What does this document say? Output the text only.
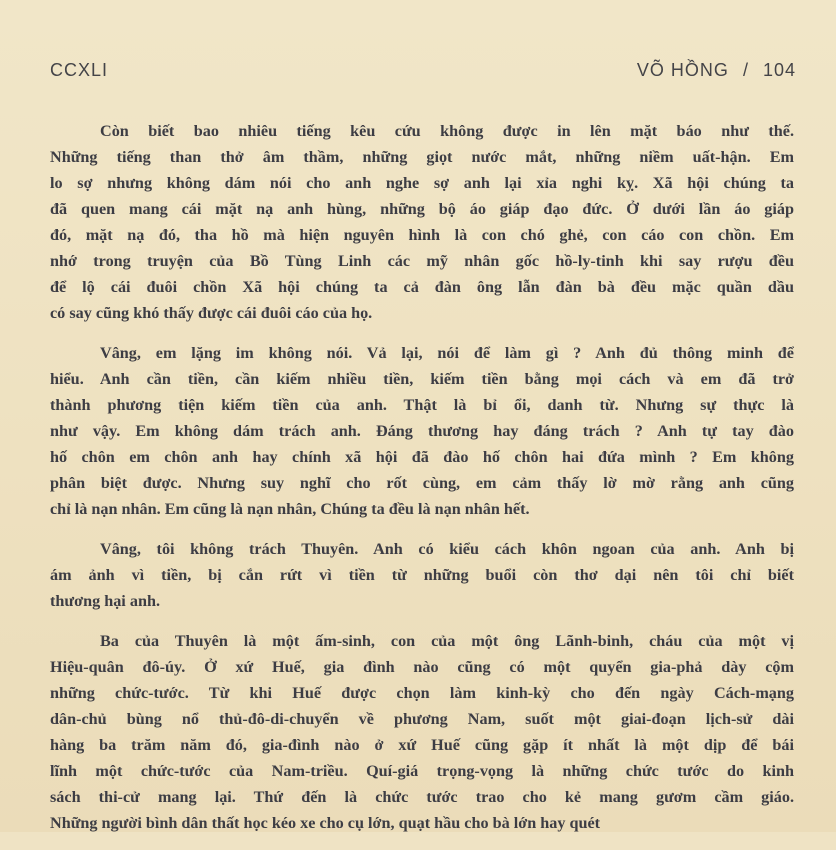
CCXLI	VÕ HỒNG / 104
Còn biết bao nhiêu tiếng kêu cứu không được in lên mặt báo như thế.
Những tiếng than thở âm thầm, những giọt nước mắt, những niềm uất-hận. Em
lo sợ nhưng không dám nói cho anh nghe sợ anh lại xỉa nghi kỵ. Xã hội chúng ta
đã quen mang cái mặt nạ anh hùng, những bộ áo giáp đạo đức. Ở dưới lần áo giáp
đó, mặt nạ đó, tha hồ mà hiện nguyên hình là con chó ghẻ, con cáo con chồn. Em
nhớ trong truyện của Bồ Tùng Linh các mỹ nhân gốc hồ-ly-tinh khi say rượu đều
để lộ cái đuôi chồn Xã hội chúng ta cả đàn ông lẫn đàn bà đều mặc quần dầu
có say cũng khó thấy được cái đuôi cáo của họ.
Vâng, em lặng im không nói. Vả lại, nói để làm gì ? Anh đủ thông minh để
hiểu. Anh cần tiền, cần kiếm nhiều tiền, kiếm tiền bằng mọi cách và em đã trở
thành phương tiện kiếm tiền của anh. Thật là bỉ ổi, danh từ. Nhưng sự thực là
như vậy. Em không dám trách anh. Đáng thương hay đáng trách ? Anh tự tay đào
hố chôn em chôn anh hay chính xã hội đã đào hố chôn hai đứa mình ? Em không
phân biệt được. Nhưng suy nghĩ cho rốt cùng, em cảm thấy lờ mờ rằng anh cũng
chỉ là nạn nhân. Em cũng là nạn nhân, Chúng ta đều là nạn nhân hết.
Vâng, tôi không trách Thuyên. Anh có kiểu cách khôn ngoan của anh. Anh bị
ám ảnh vì tiền, bị cắn rứt vì tiền từ những buổi còn thơ dại nên tôi chỉ biết
thương hại anh.
Ba của Thuyên là một ấm-sinh, con của một ông Lãnh-binh, cháu của một vị
Hiệu-quân đô-úy. Ở xứ Huế, gia đình nào cũng có một quyển gia-phả dày cộm
những chức-tước. Từ khi Huế được chọn làm kinh-kỳ cho đến ngày Cách-mạng
dân-chủ bùng nổ thủ-đô-di-chuyển về phương Nam, suốt một giai-đoạn lịch-sử dài
hàng ba trăm năm đó, gia-đình nào ở xứ Huế cũng gặp ít nhất là một dịp để bái
lĩnh một chức-tước của Nam-triều. Quí-giá trọng-vọng là những chức tước do kinh
sách thi-cử mang lại. Thứ đến là chức tước trao cho kẻ mang gươm cầm giáo.
Những người bình dân thất học kéo xe cho cụ lớn, quạt hầu cho bà lớn hay quét
